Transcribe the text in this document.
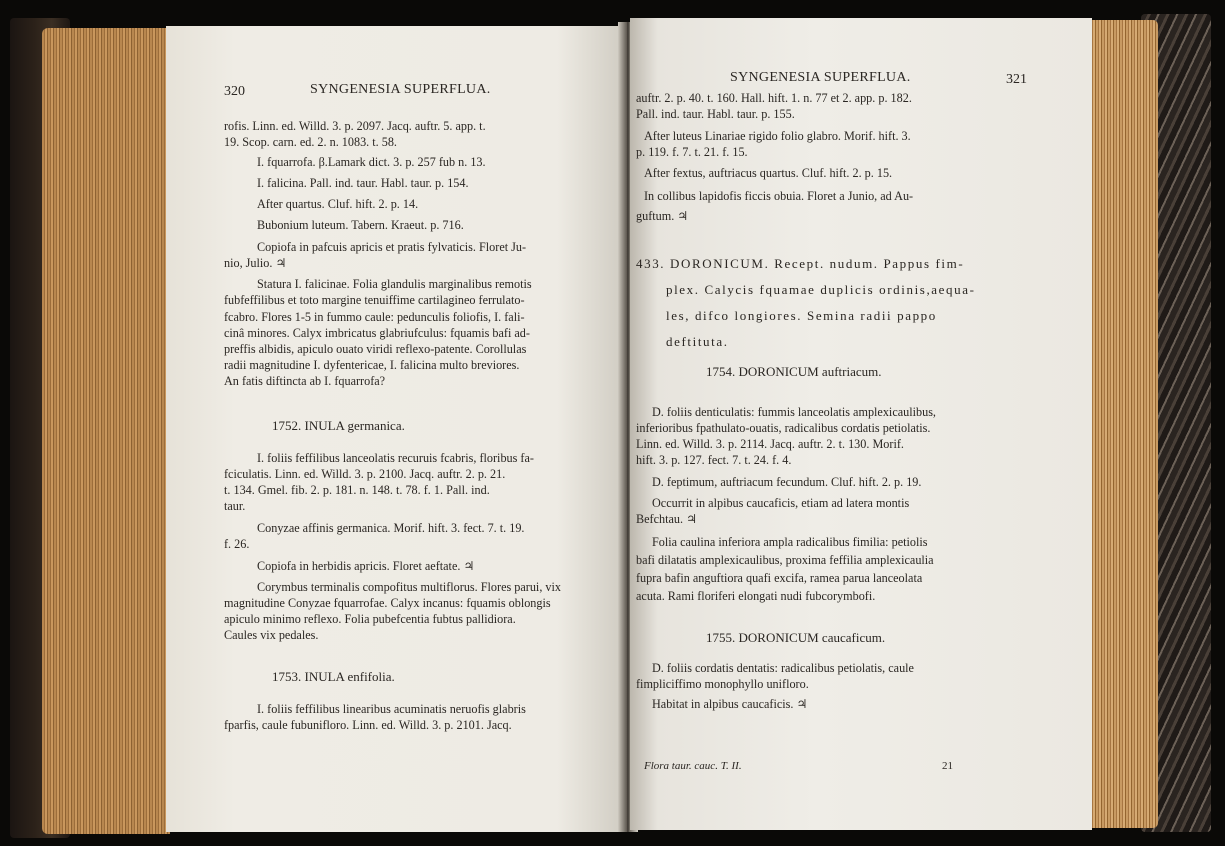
320	SYNGENESIA SUPERFLUA.
rofis. Linn. ed. Willd. 3. p. 2097. Jacq. auftr. 5. app. t.
19. Scop. carn. ed. 2. n. 1083. t. 58.
I. fquarrofa. β.Lamark dict. 3. p. 257 fub n. 13.
I. falicina. Pall. ind. taur. Habl. taur. p. 154.
After quartus. Cluf. hift. 2. p. 14.
Bubonium luteum. Tabern. Kraeut. p. 716.
Copiofa in pafcuis apricis et pratis fylvaticis. Floret Ju-
nio, Julio. ♃
Statura I. falicinae. Folia glandulis marginalibus remotis
fubfeffilibus et toto margine tenuiffime cartilagineo ferrulato-
fcabro. Flores 1-5 in fummo caule: pedunculis foliofis, I. fali-
cinâ minores. Calyx imbricatus glabriufculus: fquamis bafi ad-
preffis albidis, apiculo ouato viridi reflexo-patente. Corollulas
radii magnitudine I. dyfentericae, I. falicina multo breviores.
An fatis diftincta ab I. fquarrofa?
1752. INULA germanica.
I. foliis feffilibus lanceolatis recuruis fcabris, floribus fa-
fciculatis. Linn. ed. Willd. 3. p. 2100. Jacq. auftr. 2. p. 21.
t. 134. Gmel. fib. 2. p. 181. n. 148. t. 78. f. 1. Pall. ind.
taur.
Conyzae affinis germanica. Morif. hift. 3. fect. 7. t. 19.
f. 26.
Copiofa in herbidis apricis. Floret aeftate. ♃
Corymbus terminalis compofitus multiflorus. Flores parui, vix
magnitudine Conyzae fquarrofae. Calyx incanus: fquamis oblongis
apiculo minimo reflexo. Folia pubefcentia fubtus pallidiora.
Caules vix pedales.
1753. INULA enfifolia.
I. foliis feffilibus linearibus acuminatis neruofis glabris
fparfis, caule fubunifloro. Linn. ed. Willd. 3. p. 2101. Jacq.
SYNGENESIA SUPERFLUA.	321
auftr. 2. p. 40. t. 160. Hall. hift. 1. n. 77 et 2. app. p. 182.
Pall. ind. taur. Habl. taur. p. 155.
After luteus Linariae rigido folio glabro. Morif. hift. 3.
p. 119. f. 7. t. 21. f. 15.
After fextus, auftriacus quartus. Cluf. hift. 2. p. 15.
In collibus lapidofis ficcis obuia. Floret a Junio, ad Au-
guftum. ♃
433. DORONICUM. Recept. nudum. Pappus fim-
plex. Calycis fquamae duplicis ordinis,aequa-
les, difco longiores. Semina radii pappo
deftituta.
1754. DORONICUM auftriacum.
D. foliis denticulatis: fummis lanceolatis amplexicaulibus,
inferioribus fpathulato-ouatis, radicalibus cordatis petiolatis.
Linn. ed. Willd. 3. p. 2114. Jacq. auftr. 2. t. 130. Morif.
hift. 3. p. 127. fect. 7. t. 24. f. 4.
D. feptimum, auftriacum fecundum. Cluf. hift. 2. p. 19.
Occurrit in alpibus caucaficis, etiam ad latera montis
Befchtau. ♃
Folia caulina inferiora ampla radicalibus fimilia: petiolis
bafi dilatatis amplexicaulibus, proxima feffilia amplexicaulia
fupra bafin anguftiora quafi excifa, ramea parua lanceolata
acuta. Rami floriferi elongati nudi fubcorymbofi.
1755. DORONICUM caucaficum.
D. foliis cordatis dentatis: radicalibus petiolatis, caule
fimpliciffimo monophyllo unifloro.
Habitat in alpibus caucaficis. ♃
Flora taur. cauc. T. II.	21
